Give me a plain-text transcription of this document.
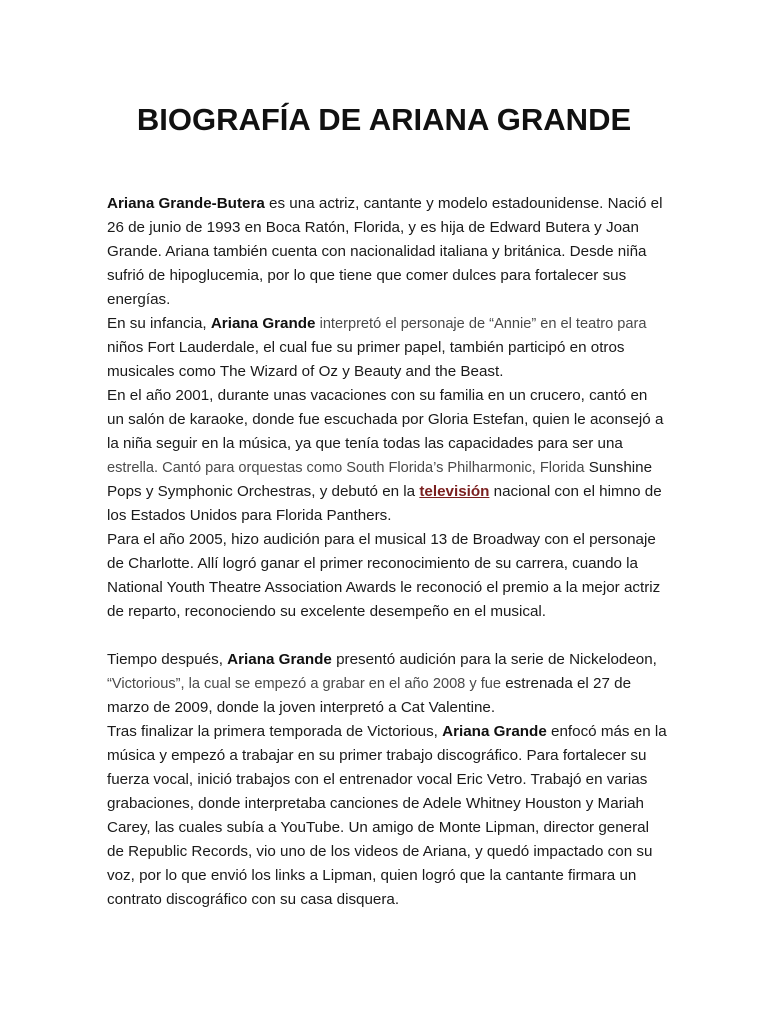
BIOGRAFÍA DE ARIANA GRANDE

Ariana Grande-Butera es una actriz, cantante y modelo estadounidense. Nació el 26 de junio de 1993 en Boca Ratón, Florida, y es hija de Edward Butera y Joan Grande. Ariana también cuenta con nacionalidad italiana y británica. Desde niña sufrió de hipoglucemia, por lo que tiene que comer dulces para fortalecer sus energías.

En su infancia, Ariana Grande interpretó el personaje de “Annie” en el teatro para niños Fort Lauderdale, el cual fue su primer papel, también participó en otros musicales como The Wizard of Oz y Beauty and the Beast.

En el año 2001, durante unas vacaciones con su familia en un crucero, cantó en un salón de karaoke, donde fue escuchada por Gloria Estefan, quien le aconsejó a la niña seguir en la música, ya que tenía todas las capacidades para ser una estrella. Cantó para orquestas como South Florida’s Philharmonic, Florida Sunshine Pops y Symphonic Orchestras, y debutó en la televisión nacional con el himno de los Estados Unidos para Florida Panthers.

Para el año 2005, hizo audición para el musical 13 de Broadway con el personaje de Charlotte. Allí logró ganar el primer reconocimiento de su carrera, cuando la National Youth Theatre Association Awards le reconoció el premio a la mejor actriz de reparto, reconociendo su excelente desempeño en el musical.

Tiempo después, Ariana Grande presentó audición para la serie de Nickelodeon, “Victorious”, la cual se empezó a grabar en el año 2008 y fue estrenada el 27 de marzo de 2009, donde la joven interpretó a Cat Valentine.

Tras finalizar la primera temporada de Victorious, Ariana Grande enfocó más en la música y empezó a trabajar en su primer trabajo discográfico. Para fortalecer su fuerza vocal, inició trabajos con el entrenador vocal Eric Vetro. Trabajó en varias grabaciones, donde interpretaba canciones de Adele Whitney Houston y Mariah Carey, las cuales subía a YouTube. Un amigo de Monte Lipman, director general de Republic Records, vio uno de los videos de Ariana, y quedó impactado con su voz, por lo que envió los links a Lipman, quien logró que la cantante firmara un contrato discográfico con su casa disquera.
